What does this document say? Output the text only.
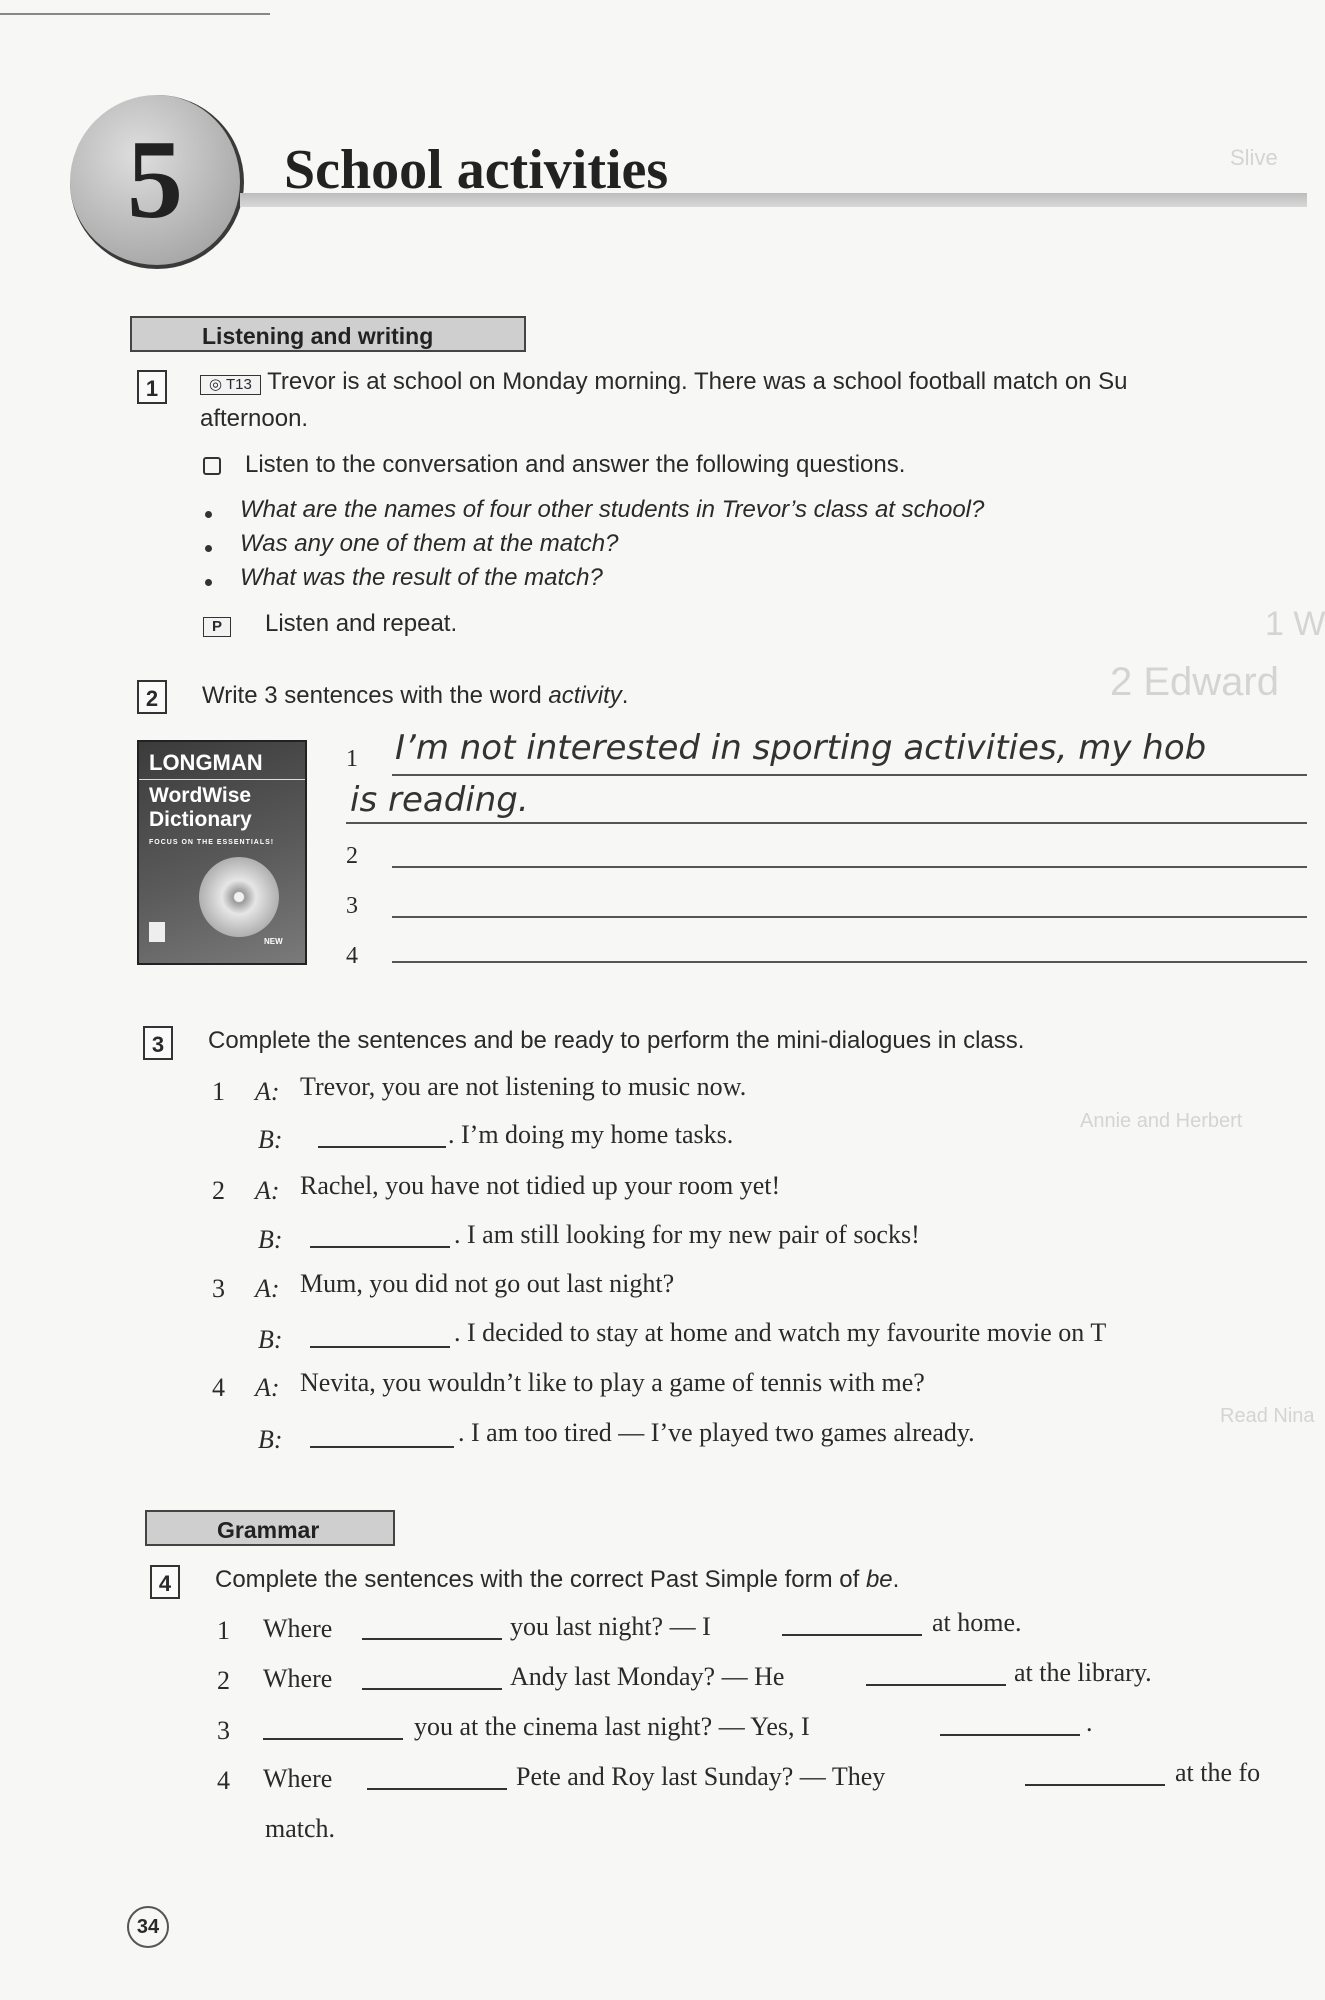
Slive
1 W
2 Edward
Annie and Herbert
Read Nina
5	School activities
Listening and writing
1	◎ T13 Trevor is at school on Monday morning. There was a school football match on Su
afternoon.
Listen to the conversation and answer the following questions.
What are the names of four other students in Trevor’s class at school?
Was any one of them at the match?
What was the result of the match?
P	Listen and repeat.
2	Write 3 sentences with the word activity.
LONGMAN
WordWise
Dictionary
FOCUS ON THE ESSENTIALS!
NEW
1 I’m not interested in sporting activities, my hob
is reading.
2
3
4
3	Complete the sentences and be ready to perform the mini-dialogues in class.
1 A: Trevor, you are not listening to music now.
B:	. I’m doing my home tasks.
2 A: Rachel, you have not tidied up your room yet!
B:	. I am still looking for my new pair of socks!
3 A: Mum, you did not go out last night?
B:	. I decided to stay at home and watch my favourite movie on T
4 A: Nevita, you wouldn’t like to play a game of tennis with me?
B:	. I am too tired — I’ve played two games already.
Grammar
4	Complete the sentences with the correct Past Simple form of be.
1 Where	you last night? — I	at home.
2 Where	Andy last Monday? — He	at the library.
3	you at the cinema last night? — Yes, I	.
4 Where	Pete and Roy last Sunday? — They	at the fo
match.
34
